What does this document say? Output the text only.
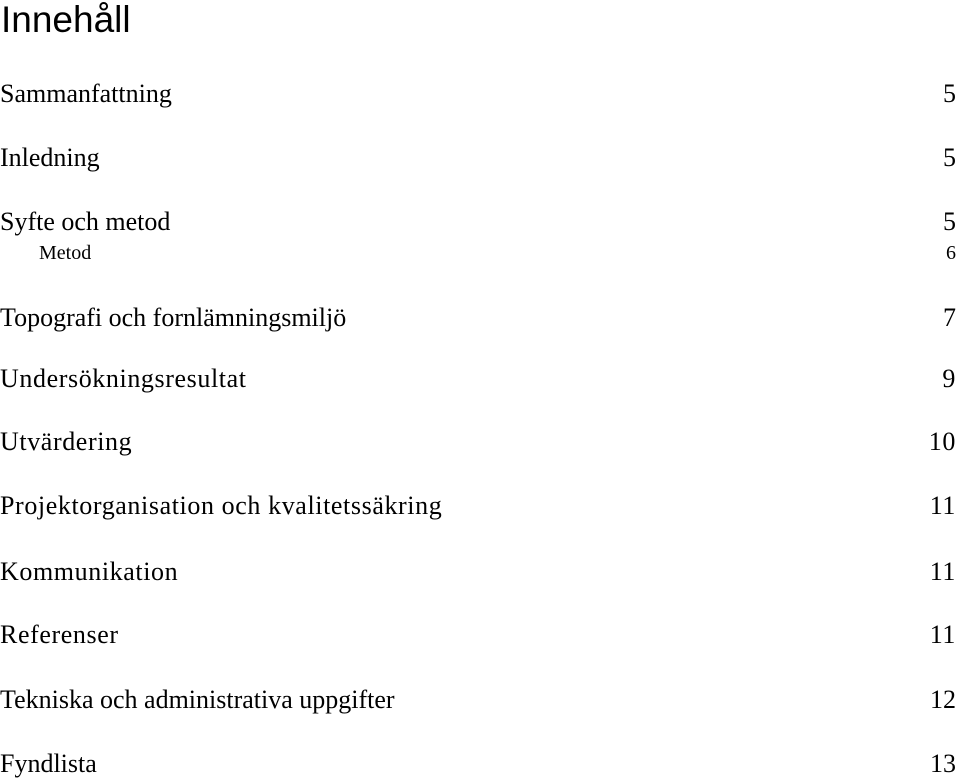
Innehåll
Sammanfattning	5
Inledning	5
Syfte och metod	5
Metod	6
Topografi och fornlämningsmiljö	7
Undersökningsresultat	9
Utvärdering	10
Projektorganisation och kvalitetssäkring	11
Kommunikation	11
Referenser	11
Tekniska och administrativa uppgifter	12
Fyndlista	13
